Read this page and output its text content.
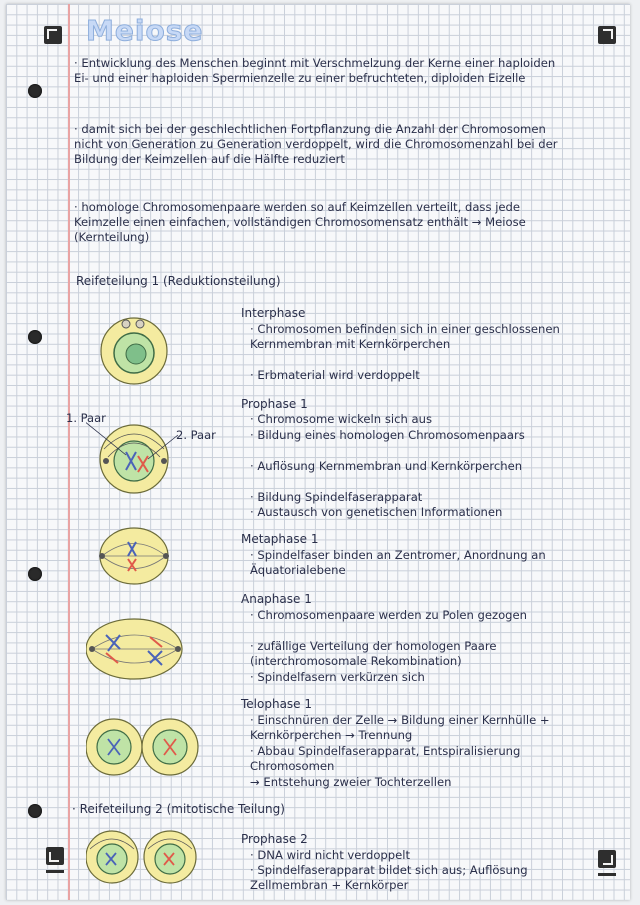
Meiose

· Entwicklung des Menschen beginnt mit Verschmelzung der Kerne einer haploiden Ei- und einer haploiden Spermienzelle zu einer befruchteten, diploiden Eizelle

· damit sich bei der geschlechtlichen Fortpflanzung die Anzahl der Chromosomen nicht von Generation zu Generation verdoppelt, wird die Chromosomenzahl bei der Bildung der Keimzellen auf die Hälfte reduziert

· homologe Chromosomenpaare werden so auf Keimzellen verteilt, dass jede Keimzelle einen einfachen, vollständigen Chromosomensatz enthält → Meiose (Kernteilung)

Reifeteilung 1 (Reduktionsteilung)

Interphase

· Chromosomen befinden sich in einer geschlossenen Kernmembran mit Kernkörperchen

· Erbmaterial wird verdoppelt

Prophase 1

· Chromosome wickeln sich aus

· Bildung eines homologen Chromosomenpaars

· Auflösung Kernmembran und Kernkörperchen

· Bildung Spindelfaserapparat

· Austausch von genetischen Informationen

Metaphase 1

· Spindelfaser binden an Zentromer, Anordnung an Äquatorialebene

Anaphase 1

· Chromosomenpaare werden zu Polen gezogen

· zufällige Verteilung der homologen Paare (interchromosomale Rekombination)

· Spindelfasern verkürzen sich

Telophase 1

· Einschnüren der Zelle → Bildung einer Kernhülle + Kernkörperchen → Trennung

· Abbau Spindelfaserapparat, Entspiralisierung Chromosomen

→ Entstehung zweier Tochterzellen

· Reifeteilung 2 (mitotische Teilung)

Prophase 2

· DNA wird nicht verdoppelt

· Spindelfaserapparat bildet sich aus; Auflösung Zellmembran + Kernkörper

1. Paar
2. Paar
